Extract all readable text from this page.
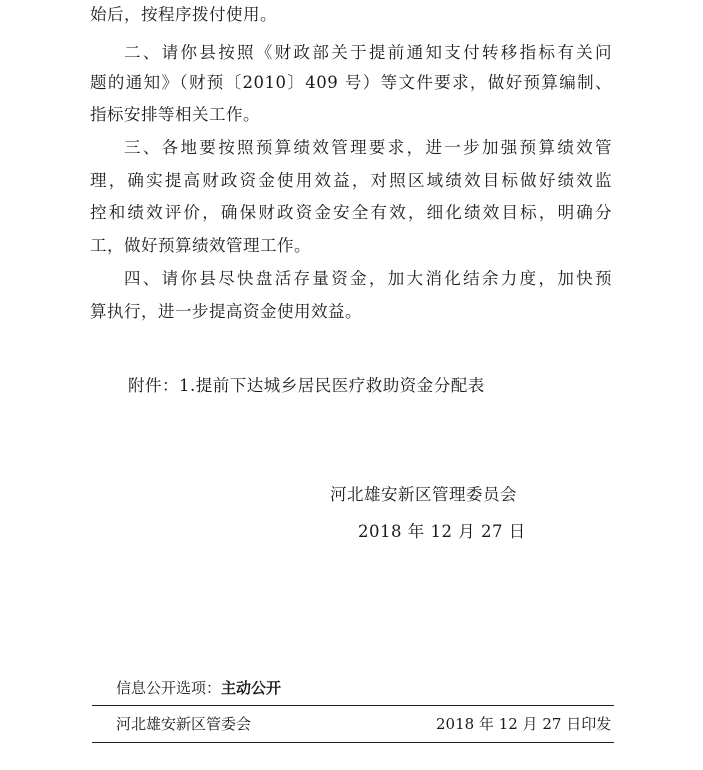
始后，按程序拨付使用。
二、请你县按照《财政部关于提前通知支付转移指标有关问
题的通知》（财预〔2010〕409 号）等文件要求，做好预算编制、
指标安排等相关工作。
三、各地要按照预算绩效管理要求，进一步加强预算绩效管
理，确实提高财政资金使用效益，对照区域绩效目标做好绩效监
控和绩效评价，确保财政资金安全有效，细化绩效目标，明确分
工，做好预算绩效管理工作。
四、请你县尽快盘活存量资金，加大消化结余力度，加快预
算执行，进一步提高资金使用效益。
附件：1.提前下达城乡居民医疗救助资金分配表
河北雄安新区管理委员会
2018 年 12 月 27 日
信息公开选项：主动公开
河北雄安新区管委会	2018 年 12 月 27 日印发
